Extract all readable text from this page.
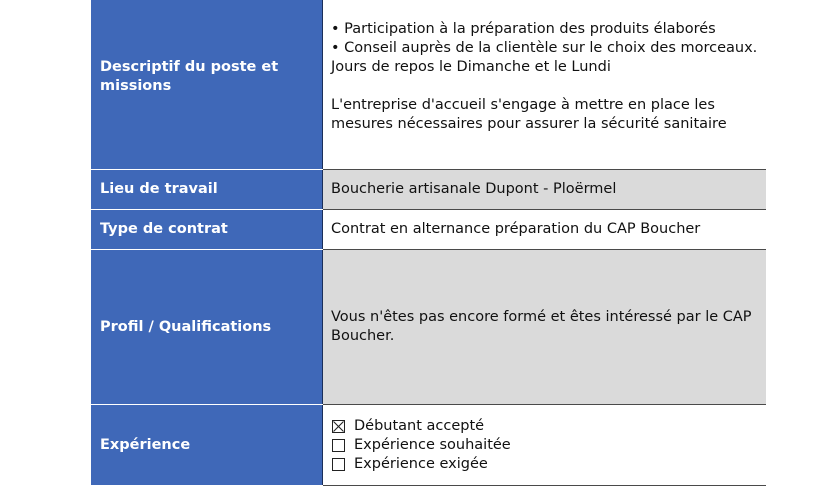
Descriptif du poste et missions	• Participation à la préparation des produits élaborés
• Conseil auprès de la clientèle sur le choix des morceaux.
Jours de repos le Dimanche et le Lundi
L'entreprise d'accueil s'engage à mettre en place les mesures nécessaires pour assurer la sécurité sanitaire

Lieu de travail	Boucherie artisanale Dupont - Ploërmel
Type de contrat	Contrat en alternance préparation du CAP Boucher
Profil / Qualifications	Vous n'êtes pas encore formé et êtes intéressé par le CAP Boucher.
Expérience	Débutant accepté
Expérience souhaitée
Expérience exigée
